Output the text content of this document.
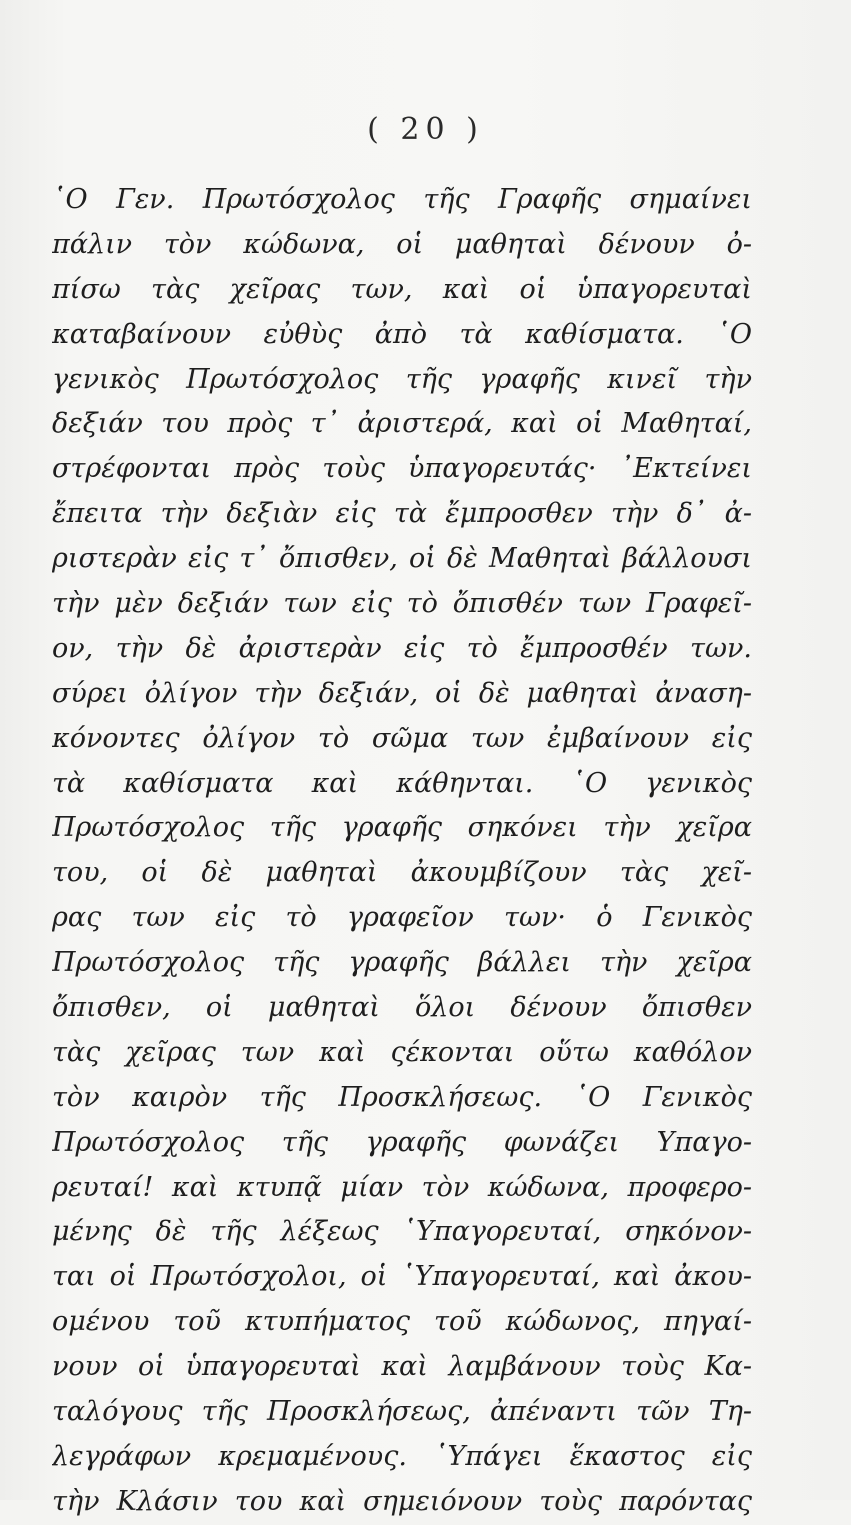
( 20 )
῾Ο Γεν. Πρωτόσχολος τῆς Γραφῆς σημαίνει
πάλιν τὸν κώδωνα, οἱ μαθηταὶ δένουν ὀ-
πίσω τὰς χεῖρας των, καὶ οἱ ὑπαγορευταὶ
καταβαίνουν εὐθὺς ἀπὸ τὰ καθίσματα. ῾Ο
γενικὸς Πρωτόσχολος τῆς γραφῆς κινεῖ τὴν
δεξιάν του πρὸς τ᾿ ἀριστερά, καὶ οἱ Μαθηταί,
στρέφονται πρὸς τοὺς ὑπαγορευτάς· ᾿Εκτείνει
ἔπειτα τὴν δεξιὰν εἰς τὰ ἔμπροσθεν τὴν δ᾿ ἀ-
ριστερὰν εἰς τ᾿ ὄπισθεν, οἱ δὲ Μαθηταὶ βάλλουσι
τὴν μὲν δεξιάν των εἰς τὸ ὄπισθέν των Γραφεῖ-
ον, τὴν δὲ ἀριστερὰν εἰς τὸ ἔμπροσθέν των.
σύρει ὀλίγον τὴν δεξιάν, οἱ δὲ μαθηταὶ ἀναση-
κόνοντες ὀλίγον τὸ σῶμα των ἐμβαίνουν εἰς
τὰ καθίσματα καὶ κάθηνται. ῾Ο γενικὸς
Πρωτόσχολος τῆς γραφῆς σηκόνει τὴν χεῖρα
του, οἱ δὲ μαθηταὶ ἀκουμβίζουν τὰς χεῖ-
ρας των εἰς τὸ γραφεῖον των· ὁ Γενικὸς
Πρωτόσχολος τῆς γραφῆς βάλλει τὴν χεῖρα
ὄπισθεν, οἱ μαθηταὶ ὅλοι δένουν ὄπισθεν
τὰς χεῖρας των καὶ ςέκονται οὕτω καθόλον
τὸν καιρὸν τῆς Προσκλήσεως. ῾Ο Γενικὸς
Πρωτόσχολος τῆς γραφῆς φωνάζει Υπαγο-
ρευταί! καὶ κτυπᾷ μίαν τὸν κώδωνα, προφερο-
μένης δὲ τῆς λέξεως ῾Υπαγορευταί, σηκόνον-
ται οἱ Πρωτόσχολοι, οἱ ῾Υπαγορευταί, καὶ ἀκου-
ομένου τοῦ κτυπήματος τοῦ κώδωνος, πηγαί-
νουν οἱ ὑπαγορευταὶ καὶ λαμβάνουν τοὺς Κα-
ταλόγους τῆς Προσκλήσεως, ἀπέναντι τῶν Τη-
λεγράφων κρεμαμένους. ῾Υπάγει ἕκαστος εἰς
τὴν Κλάσιν του καὶ σημειόνουν τοὺς παρόντας
